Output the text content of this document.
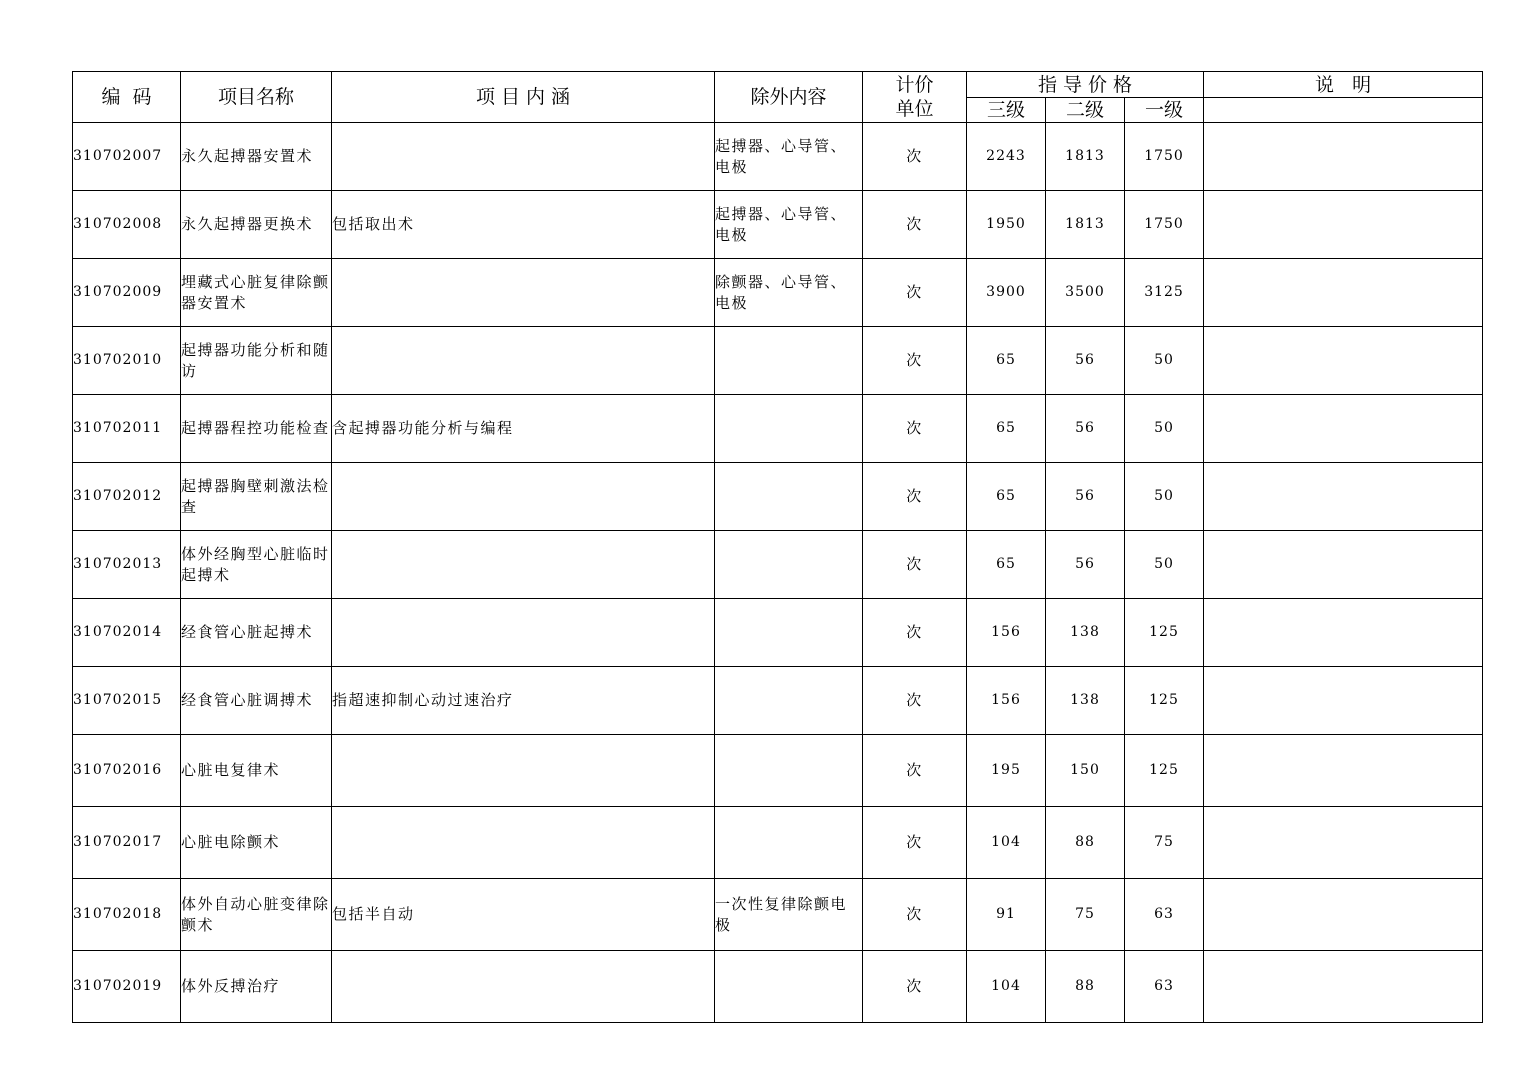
编  码	项目名称	项 目 内 涵	除外内容	计价单位	指 导 价 格			说   明
					三级	二级	一级	
310702007	永久起搏器安置术		起搏器、心导管、电极	次	2243	1813	1750	
310702008	永久起搏器更换术	包括取出术	起搏器、心导管、电极	次	1950	1813	1750	
310702009	埋藏式心脏复律除颤器安置术		除颤器、心导管、电极	次	3900	3500	3125	
310702010	起搏器功能分析和随访			次	65	56	50	
310702011	起搏器程控功能检查	含起搏器功能分析与编程		次	65	56	50	
310702012	起搏器胸壁刺激法检查			次	65	56	50	
310702013	体外经胸型心脏临时起搏术			次	65	56	50	
310702014	经食管心脏起搏术			次	156	138	125	
310702015	经食管心脏调搏术	指超速抑制心动过速治疗		次	156	138	125	
310702016	心脏电复律术			次	195	150	125	
310702017	心脏电除颤术			次	104	88	75	
310702018	体外自动心脏变律除颤术	包括半自动	一次性复律除颤电极	次	91	75	63	
310702019	体外反搏治疗			次	104	88	63	
